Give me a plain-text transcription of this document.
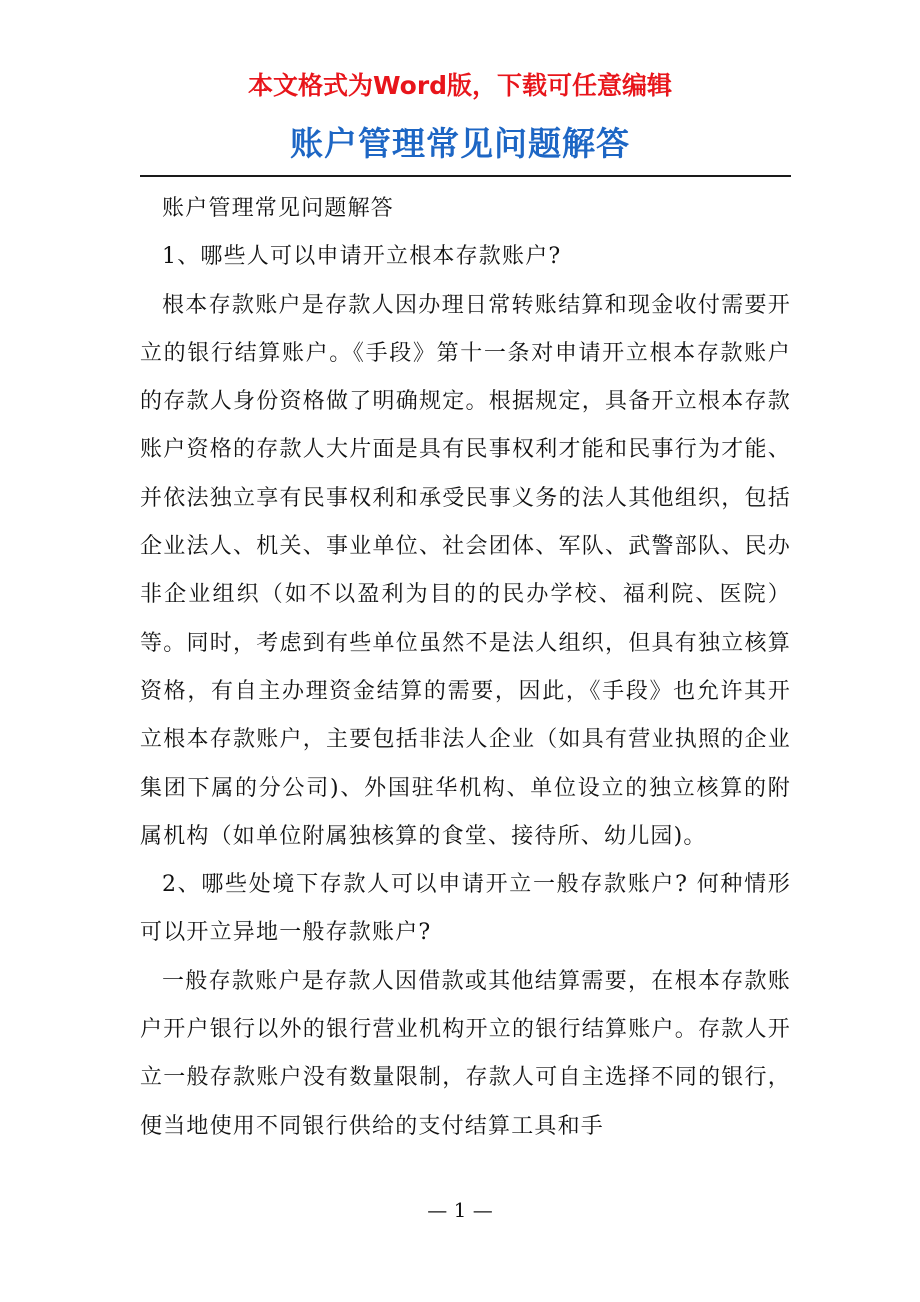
本文格式为Word版，下载可任意编辑
账户管理常见问题解答

账户管理常见问题解答

1、哪些人可以申请开立根本存款账户?

根本存款账户是存款人因办理日常转账结算和现金收付需要开立的银行结算账户。《手段》第十一条对申请开立根本存款账户的存款人身份资格做了明确规定。根据规定，具备开立根本存款账户资格的存款人大片面是具有民事权利才能和民事行为才能、并依法独立享有民事权利和承受民事义务的法人其他组织，包括企业法人、机关、事业单位、社会团体、军队、武警部队、民办非企业组织（如不以盈利为目的的民办学校、福利院、医院）等。同时，考虑到有些单位虽然不是法人组织，但具有独立核算资格，有自主办理资金结算的需要，因此，《手段》也允许其开立根本存款账户，主要包括非法人企业（如具有营业执照的企业集团下属的分公司)、外国驻华机构、单位设立的独立核算的附属机构（如单位附属独核算的食堂、接待所、幼儿园)。

2、哪些处境下存款人可以申请开立一般存款账户? 何种情形可以开立异地一般存款账户?

一般存款账户是存款人因借款或其他结算需要，在根本存款账户开户银行以外的银行营业机构开立的银行结算账户。存款人开立一般存款账户没有数量限制，存款人可自主选择不同的银行，便当地使用不同银行供给的支付结算工具和手

— 1 —
